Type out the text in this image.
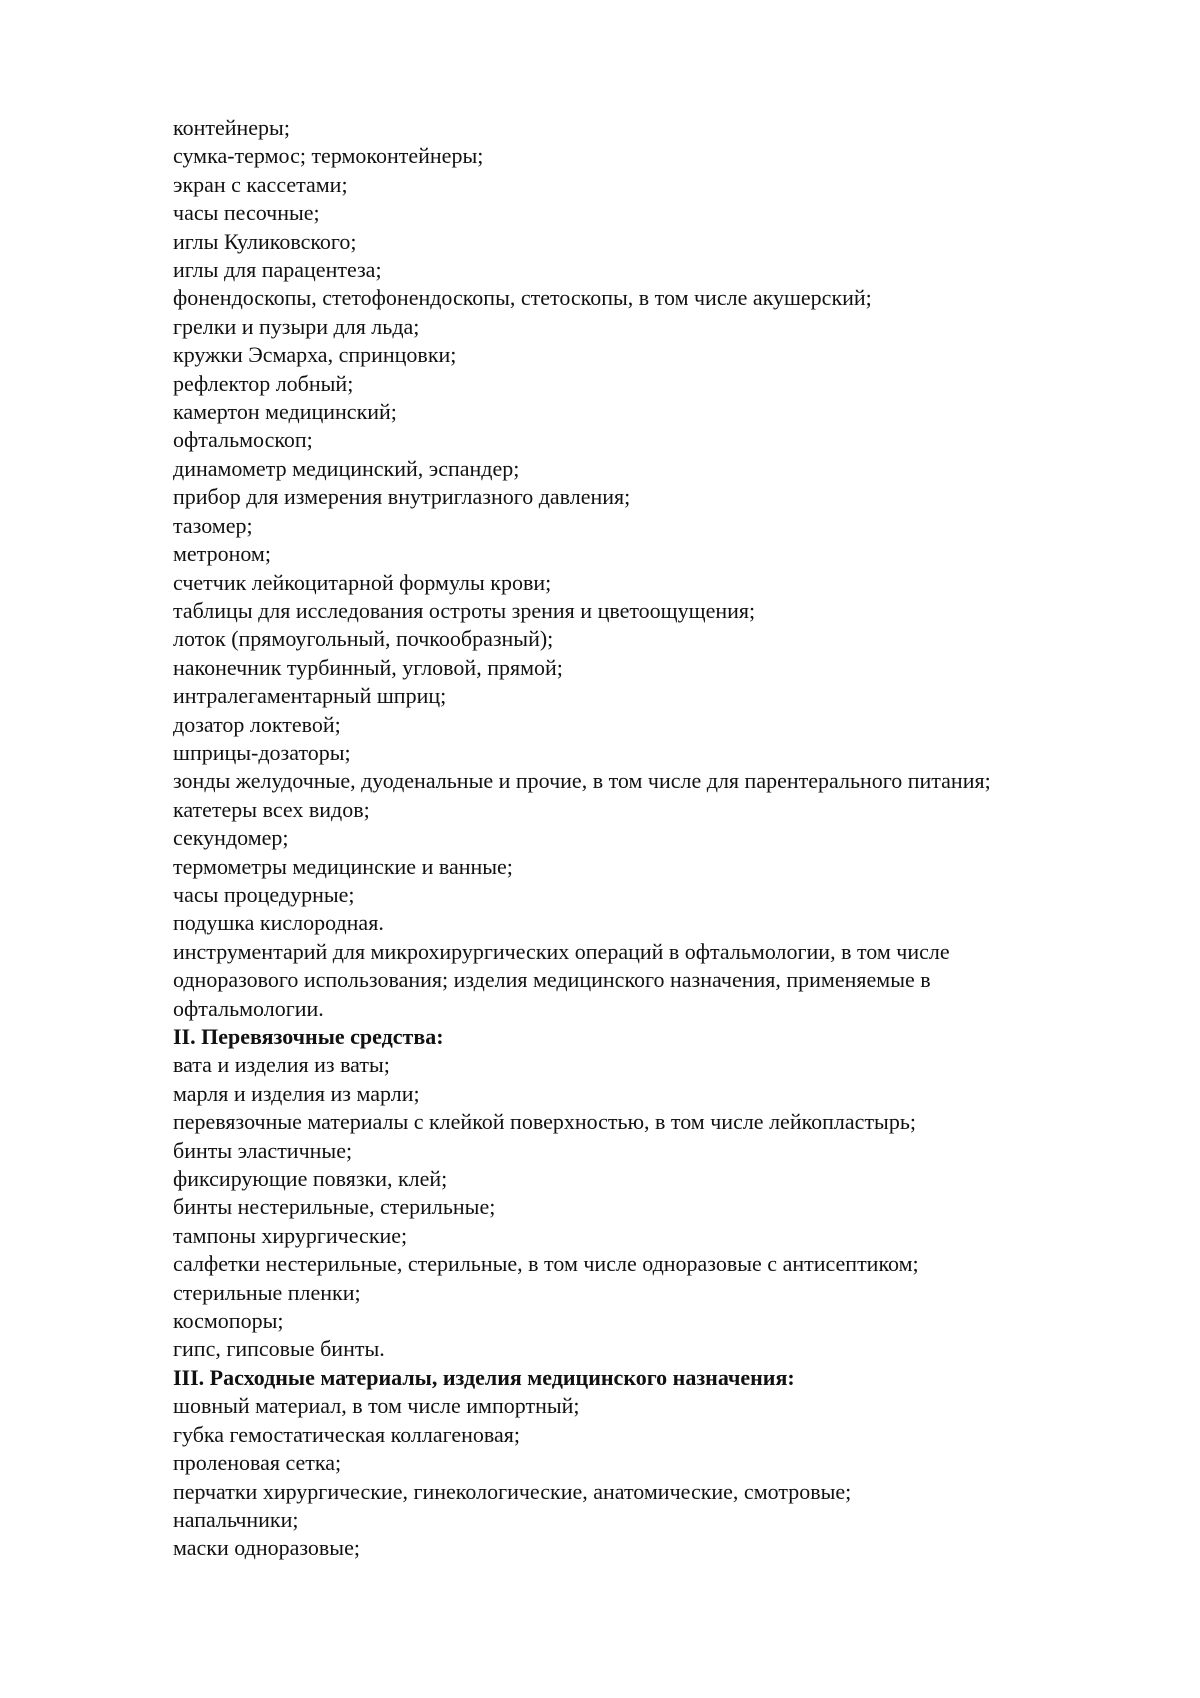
контейнеры;
сумка-термос; термоконтейнеры;
экран с кассетами;
часы песочные;
иглы Куликовского;
иглы для парацентеза;
фонендоскопы, стетофонендоскопы, стетоскопы, в том числе акушерский;
грелки и пузыри для льда;
кружки Эсмарха, спринцовки;
рефлектор лобный;
камертон медицинский;
офтальмоскоп;
динамометр медицинский, эспандер;
прибор для измерения внутриглазного давления;
тазомер;
метроном;
счетчик лейкоцитарной формулы крови;
таблицы для исследования остроты зрения и цветоощущения;
лоток (прямоугольный, почкообразный);
наконечник турбинный, угловой, прямой;
интралегаментарный шприц;
дозатор локтевой;
шприцы-дозаторы;
зонды желудочные, дуоденальные и прочие, в том числе для парентерального питания;
катетеры всех видов;
секундомер;
термометры медицинские и ванные;
часы процедурные;
подушка кислородная.
инструментарий для микрохирургических операций в офтальмологии, в том числе
одноразового использования; изделия медицинского назначения, применяемые в
офтальмологии.
II. Перевязочные средства:
вата и изделия из ваты;
марля и изделия из марли;
перевязочные материалы с клейкой поверхностью, в том числе лейкопластырь;
бинты эластичные;
фиксирующие повязки, клей;
бинты нестерильные, стерильные;
тампоны хирургические;
салфетки нестерильные, стерильные, в том числе одноразовые с антисептиком;
стерильные пленки;
космопоры;
гипс, гипсовые бинты.
III. Расходные материалы, изделия медицинского назначения:
шовный материал, в том числе импортный;
губка гемостатическая коллагеновая;
проленовая сетка;
перчатки хирургические, гинекологические, анатомические, смотровые;
напальчники;
маски одноразовые;
